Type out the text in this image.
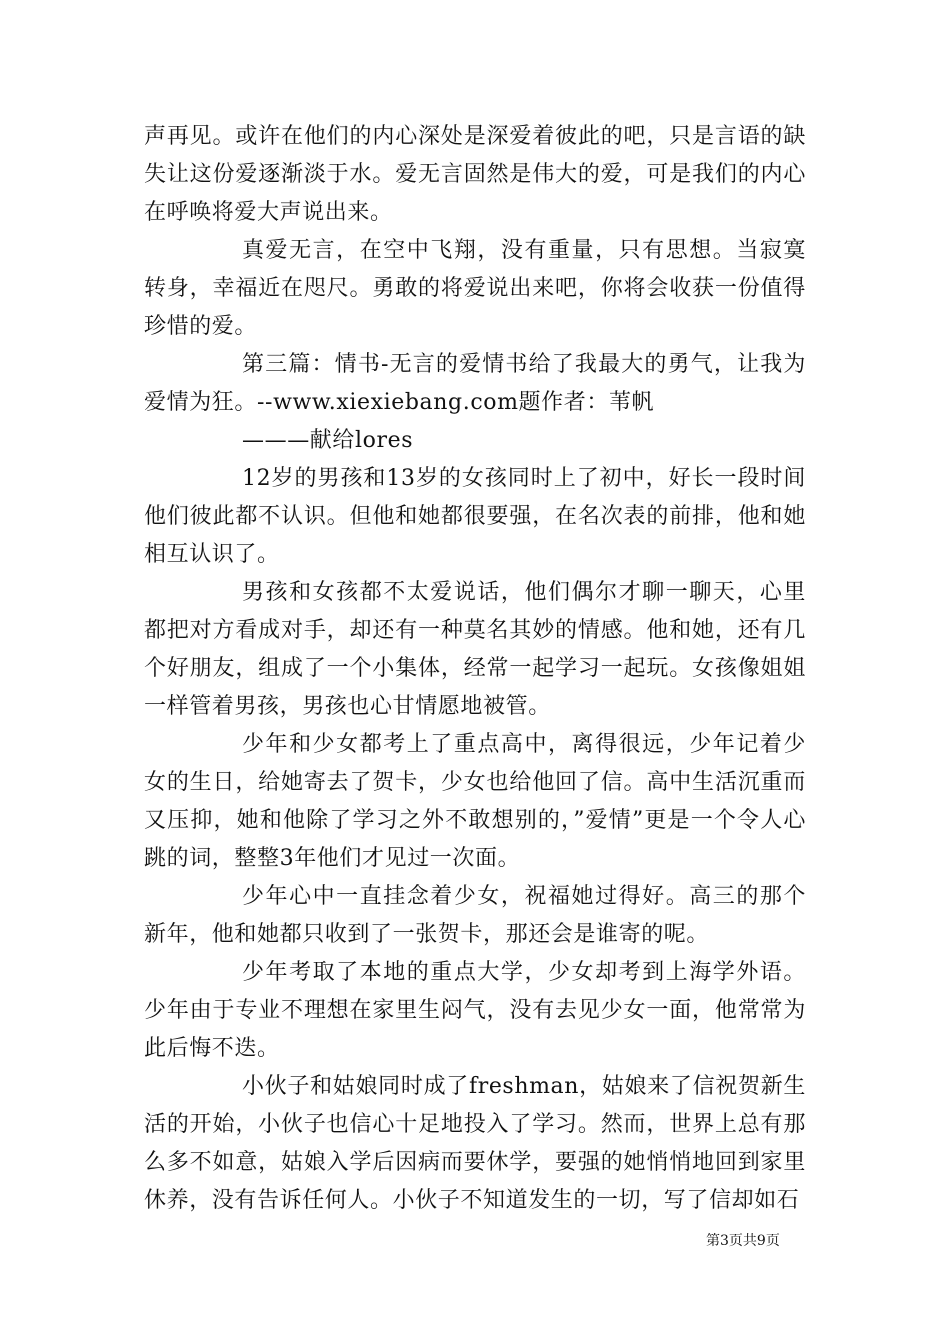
声再见。或许在他们的内心深处是深爱着彼此的吧，只是言语的缺失让这份爱逐渐淡于水。爱无言固然是伟大的爱，可是我们的内心在呼唤将爱大声说出来。

真爱无言，在空中飞翔，没有重量，只有思想。当寂寞转身，幸福近在咫尺。勇敢的将爱说出来吧，你将会收获一份值得珍惜的爱。

第三篇：情书-无言的爱情书给了我最大的勇气，让我为爱情为狂。--www.xiexiebang.com题作者：苇帆

———献给lores

12岁的男孩和13岁的女孩同时上了初中，好长一段时间他们彼此都不认识。但他和她都很要强，在名次表的前排，他和她相互认识了。

男孩和女孩都不太爱说话，他们偶尔才聊一聊天，心里都把对方看成对手，却还有一种莫名其妙的情感。他和她，还有几个好朋友，组成了一个小集体，经常一起学习一起玩。女孩像姐姐一样管着男孩，男孩也心甘情愿地被管。

少年和少女都考上了重点高中，离得很远，少年记着少女的生日，给她寄去了贺卡，少女也给他回了信。高中生活沉重而又压抑，她和他除了学习之外不敢想别的，”爱情”更是一个令人心跳的词，整整3年他们才见过一次面。

少年心中一直挂念着少女，祝福她过得好。高三的那个新年，他和她都只收到了一张贺卡，那还会是谁寄的呢。

少年考取了本地的重点大学，少女却考到上海学外语。少年由于专业不理想在家里生闷气，没有去见少女一面，他常常为此后悔不迭。

小伙子和姑娘同时成了freshman，姑娘来了信祝贺新生活的开始，小伙子也信心十足地投入了学习。然而，世界上总有那么多不如意，姑娘入学后因病而要休学，要强的她悄悄地回到家里休养，没有告诉任何人。小伙子不知道发生的一切，写了信却如石

第3页共9页
